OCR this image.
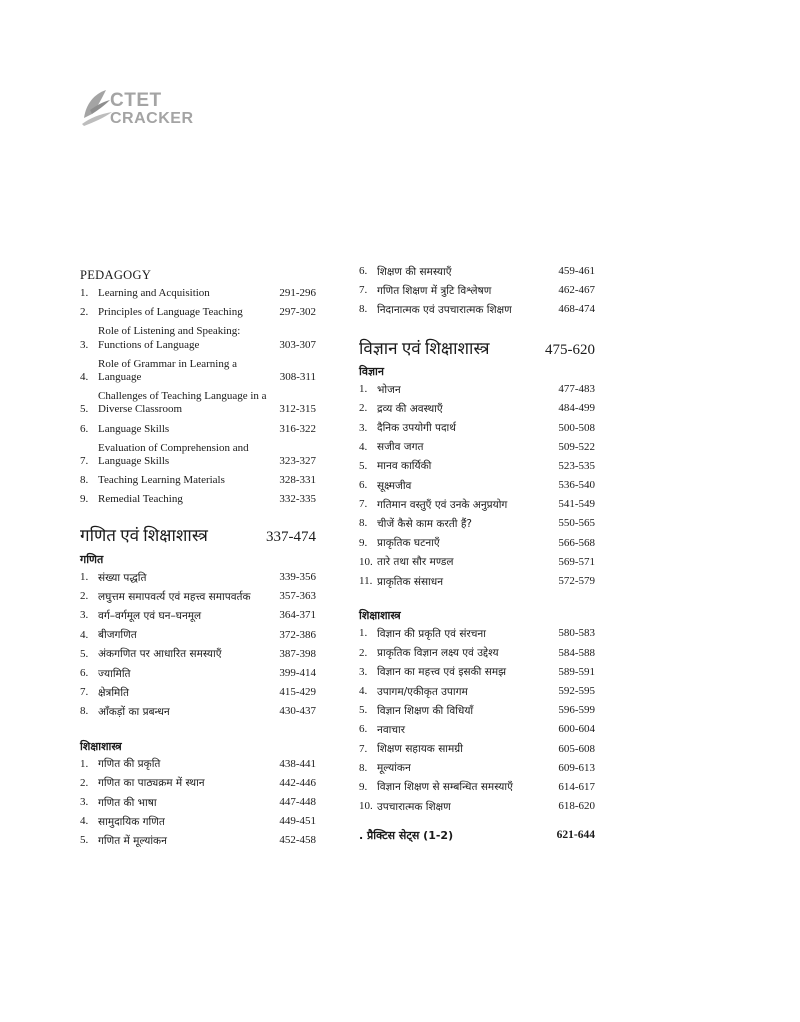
CTET
CRACKER
PEDAGOGY
1. Learning and Acquisition	291-296
2. Principles of Language Teaching	297-302
3.
Role of Listening and Speaking: Functions of Language	303-307
4.
Role of Grammar in Learning a Language	308-311
5.
Challenges of Teaching Language in a Diverse Classroom	312-315
6. Language Skills	316-322
7.
Evaluation of Comprehension and Language Skills	323-327
8. Teaching Learning Materials	328-331
9. Remedial Teaching	332-335
गणित एवं शिक्षाशास्त्र	337-474
गणित
1. संख्या पद्धति	339-356
2. लघुत्तम समापवर्त्य एवं महत्त्व समापवर्तक	357-363
3. वर्ग–वर्गमूल एवं घन–घनमूल	364-371
4. बीजगणित	372-386
5. अंकगणित पर आधारित समस्याएँ	387-398
6. ज्यामिति	399-414
7. क्षेत्रमिति	415-429
8. आँकड़ों का प्रबन्धन	430-437
शिक्षाशास्त्र
1. गणित की प्रकृति	438-441
2. गणित का पाठ्यक्रम में स्थान	442-446
3. गणित की भाषा	447-448
4. सामुदायिक गणित	449-451
5. गणित में मूल्यांकन	452-458
6. शिक्षण की समस्याएँ	459-461
7. गणित शिक्षण में त्रुटि विश्लेषण	462-467
8. निदानात्मक एवं उपचारात्मक शिक्षण	468-474
विज्ञान एवं शिक्षाशास्त्र	475-620
विज्ञान
1. भोजन	477-483
2. द्रव्य की अवस्थाएँ	484-499
3. दैनिक उपयोगी पदार्थ	500-508
4. सजीव जगत	509-522
5. मानव कार्यिकी	523-535
6. सूक्ष्मजीव	536-540
7. गतिमान वस्तुएँ एवं उनके अनुप्रयोग	541-549
8. चीजें कैसे काम करती हैं?	550-565
9. प्राकृतिक घटनाएँ	566-568
10. तारे तथा सौर मण्डल	569-571
11. प्राकृतिक संसाधन	572-579
शिक्षाशास्त्र
1. विज्ञान की प्रकृति एवं संरचना	580-583
2. प्राकृतिक विज्ञान लक्ष्य एवं उद्देश्य	584-588
3. विज्ञान का महत्त्व एवं इसकी समझ	589-591
4. उपागम/एकीकृत उपागम	592-595
5. विज्ञान शिक्षण की विधियाँ	596-599
6. नवाचार	600-604
7. शिक्षण सहायक सामग्री	605-608
8. मूल्यांकन	609-613
9. विज्ञान शिक्षण से सम्बन्धित समस्याएँ	614-617
10. उपचारात्मक शिक्षण	618-620
. प्रैक्टिस सेट्स (1-2)	621-644
